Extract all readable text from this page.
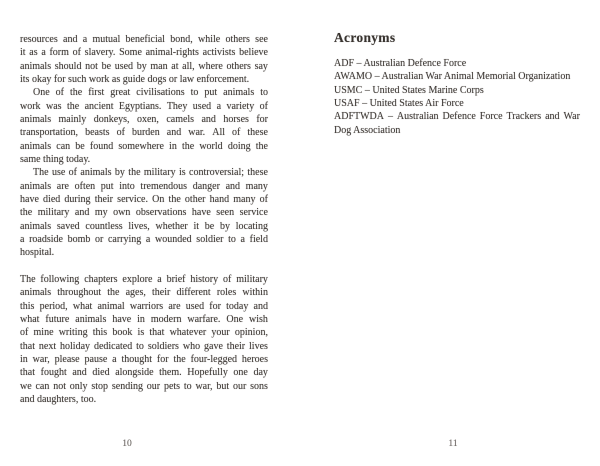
resources and a mutual beneficial bond, while others see
it as a form of slavery. Some animal-rights activists believe
animals should not be used by man at all, where others say
its okay for such work as guide dogs or law enforcement.
One of the first great civilisations to put animals to
work was the ancient Egyptians. They used a variety of
animals mainly donkeys, oxen, camels and horses for
transportation, beasts of burden and war. All of these
animals can be found somewhere in the world doing the
same thing today.
The use of animals by the military is controversial; these
animals are often put into tremendous danger and many
have died during their service. On the other hand many of
the military and my own observations have seen service
animals saved countless lives, whether it be by locating
a roadside bomb or carrying a wounded soldier to a field
hospital.
The following chapters explore a brief history of military
animals throughout the ages, their different roles within
this period, what animal warriors are used for today and
what future animals have in modern warfare. One wish
of mine writing this book is that whatever your opinion,
that next holiday dedicated to soldiers who gave their lives
in war, please pause a thought for the four-legged heroes
that fought and died alongside them. Hopefully one day
we can not only stop sending our pets to war, but our sons
and daughters, too.
Acronyms
ADF – Australian Defence Force
AWAMO – Australian War Animal Memorial Organization
USMC – United States Marine Corps
USAF – United States Air Force
ADFTWDA – Australian Defence Force Trackers and War
Dog Association
10	11
